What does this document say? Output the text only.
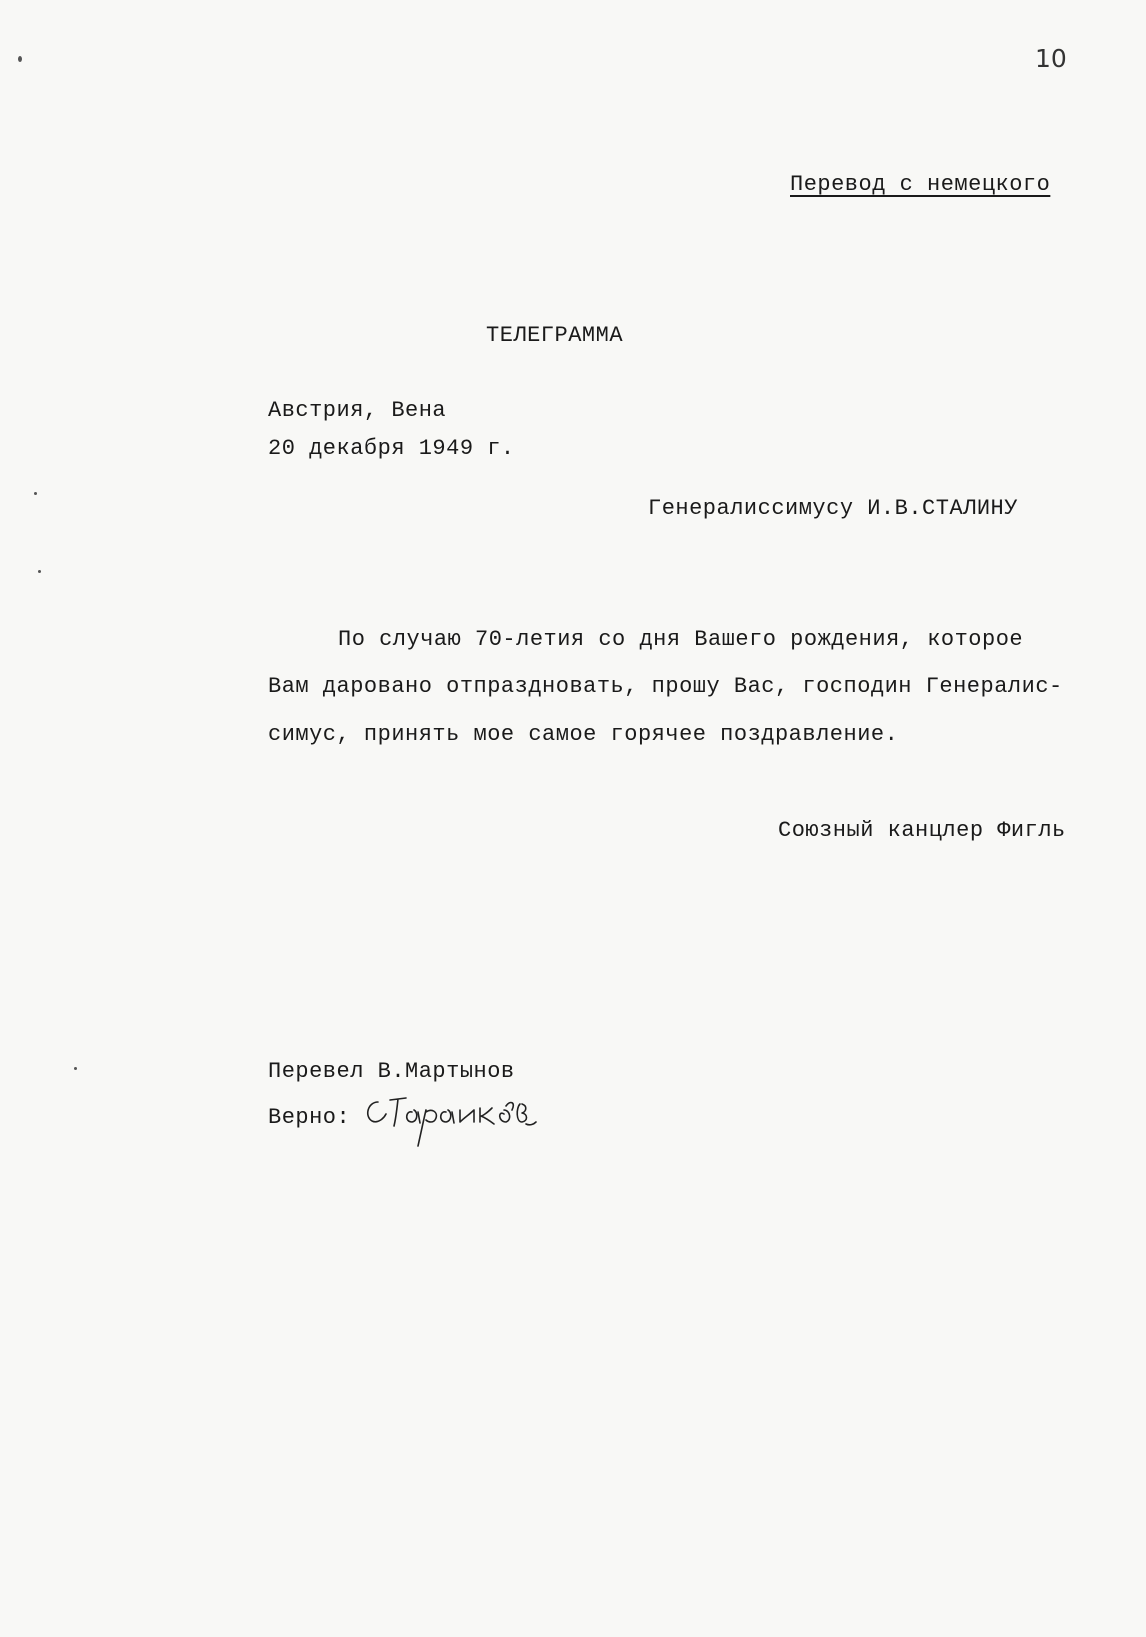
10
Перевод с немецкого
ТЕЛЕГРАММА
Австрия, Вена
20 декабря 1949 г.
Генералиссимусу И.В.СТАЛИНУ
По случаю 70-летия со дня Вашего рождения, которое
Вам даровано отпраздновать, прошу Вас, господин Генералис-
симус, принять мое самое горячее поздравление.
Союзный канцлер Фигль
Перевел В.Мартынов
Верно:
